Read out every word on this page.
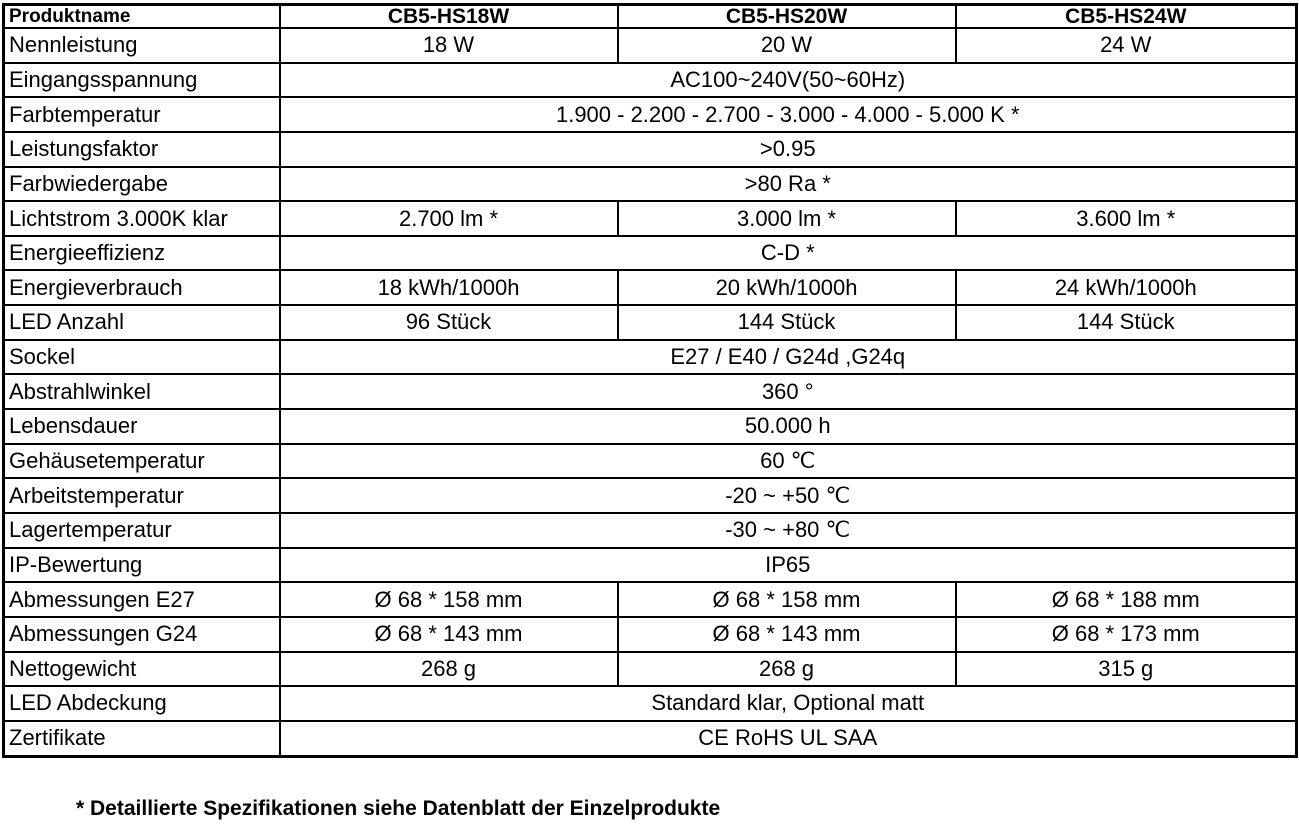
Produktname	CB5-HS18W	CB5-HS20W	CB5-HS24W
Nennleistung	18 W	20 W	24 W
Eingangsspannung	AC100~240V(50~60Hz)		
Farbtemperatur	1.900 - 2.200 - 2.700 - 3.000 - 4.000 - 5.000 K *		
Leistungsfaktor	>0.95		
Farbwiedergabe	>80 Ra *		
Lichtstrom 3.000K klar	2.700 lm *	3.000 lm *	3.600 lm *
Energieeffizienz	C-D *		
Energieverbrauch	18 kWh/1000h	20 kWh/1000h	24 kWh/1000h
LED Anzahl	96 Stück	144 Stück	144 Stück
Sockel	E27 / E40 / G24d ,G24q		
Abstrahlwinkel	360 °		
Lebensdauer	50.000 h		
Gehäusetemperatur	60 ℃		
Arbeitstemperatur	-20 ~ +50 ℃		
Lagertemperatur	-30 ~ +80 ℃		
IP-Bewertung	IP65		
Abmessungen E27	Ø 68 * 158 mm	Ø 68 * 158 mm	Ø 68 * 188 mm
Abmessungen G24	Ø 68 * 143 mm	Ø 68 * 143 mm	Ø 68 * 173 mm
Nettogewicht	268 g	268 g	315 g
LED Abdeckung	Standard klar, Optional matt		
Zertifikate	CE RoHS UL SAA		
* Detaillierte Spezifikationen siehe Datenblatt der Einzelprodukte
